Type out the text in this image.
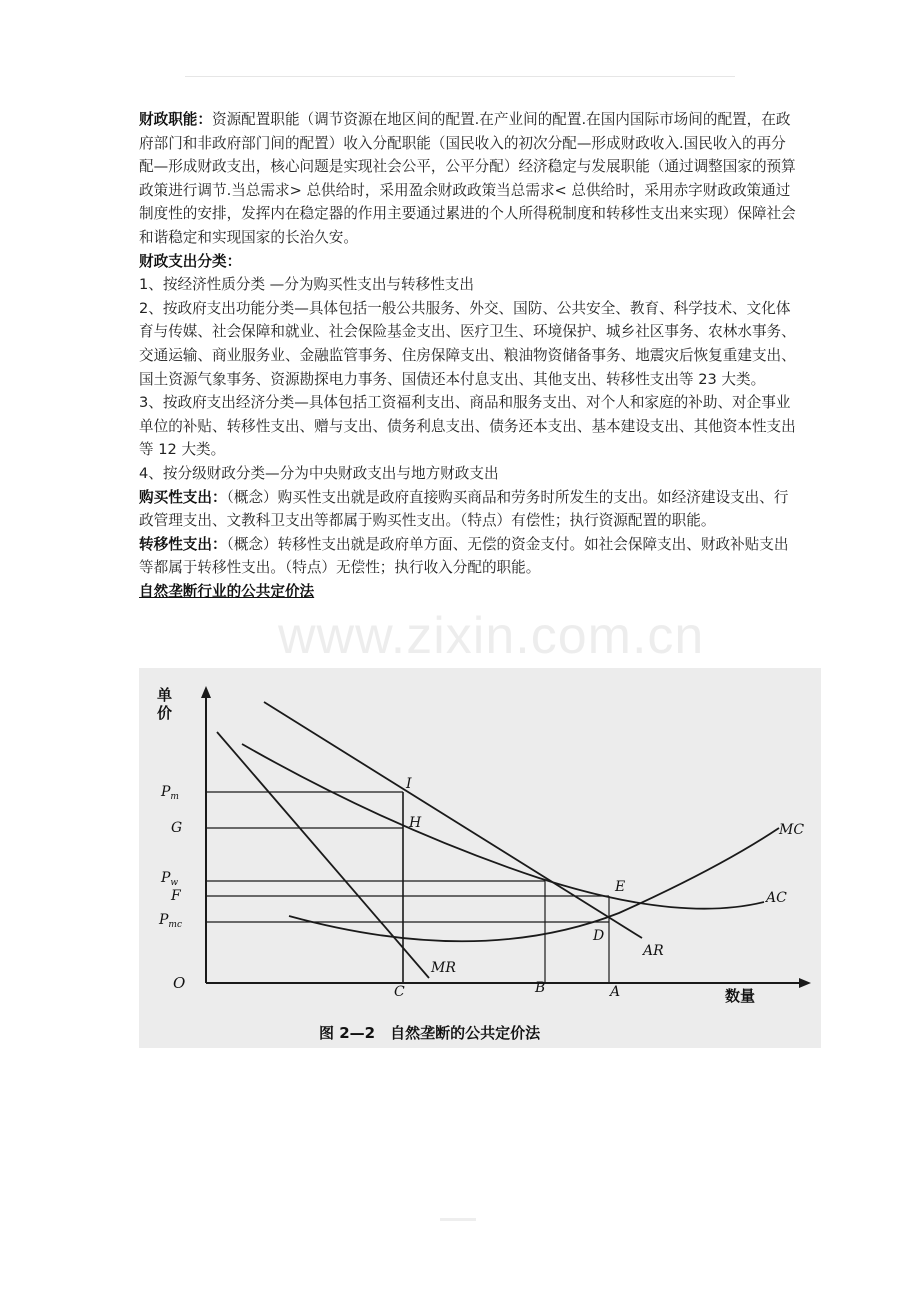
财政职能：资源配置职能（调节资源在地区间的配置.在产业间的配置.在国内国际市场间的配置，在政府部门和非政府部门间的配置）收入分配职能（国民收入的初次分配—形成财政收入.国民收入的再分配—形成财政支出，核心问题是实现社会公平，公平分配）经济稳定与发展职能（通过调整国家的预算政策进行调节.当总需求> 总供给时，采用盈余财政政策当总需求< 总供给时，采用赤字财政政策通过制度性的安排，发挥内在稳定器的作用主要通过累进的个人所得税制度和转移性支出来实现）保障社会和谐稳定和实现国家的长治久安。

财政支出分类：

1、按经济性质分类 —分为购买性支出与转移性支出

2、按政府支出功能分类—具体包括一般公共服务、外交、国防、公共安全、教育、科学技术、文化体育与传媒、社会保障和就业、社会保险基金支出、医疗卫生、环境保护、城乡社区事务、农林水事务、交通运输、商业服务业、金融监管事务、住房保障支出、粮油物资储备事务、地震灾后恢复重建支出、国土资源气象事务、资源勘探电力事务、国债还本付息支出、其他支出、转移性支出等 23 大类。

3、按政府支出经济分类—具体包括工资福利支出、商品和服务支出、对个人和家庭的补助、对企事业单位的补贴、转移性支出、赠与支出、债务利息支出、债务还本支出、基本建设支出、其他资本性支出等 12 大类。

4、按分级财政分类—分为中央财政支出与地方财政支出

购买性支出：（概念）购买性支出就是政府直接购买商品和劳务时所发生的支出。如经济建设支出、行政管理支出、文教科卫支出等都属于购买性支出。（特点）有偿性；执行资源配置的职能。

转移性支出：（概念）转移性支出就是政府单方面、无偿的资金支付。如社会保障支出、财政补贴支出等都属于转移性支出。（特点）无偿性；执行收入分配的职能。

自然垄断行业的公共定价法

www.zixin.com.cn
单
价
数量
O
$P_m$
G
$P_w$
F
$P_{mc}$
C	B	A
I
H
E
D
MC
AC
AR
MR
图 2—2　自然垄断的公共定价法
